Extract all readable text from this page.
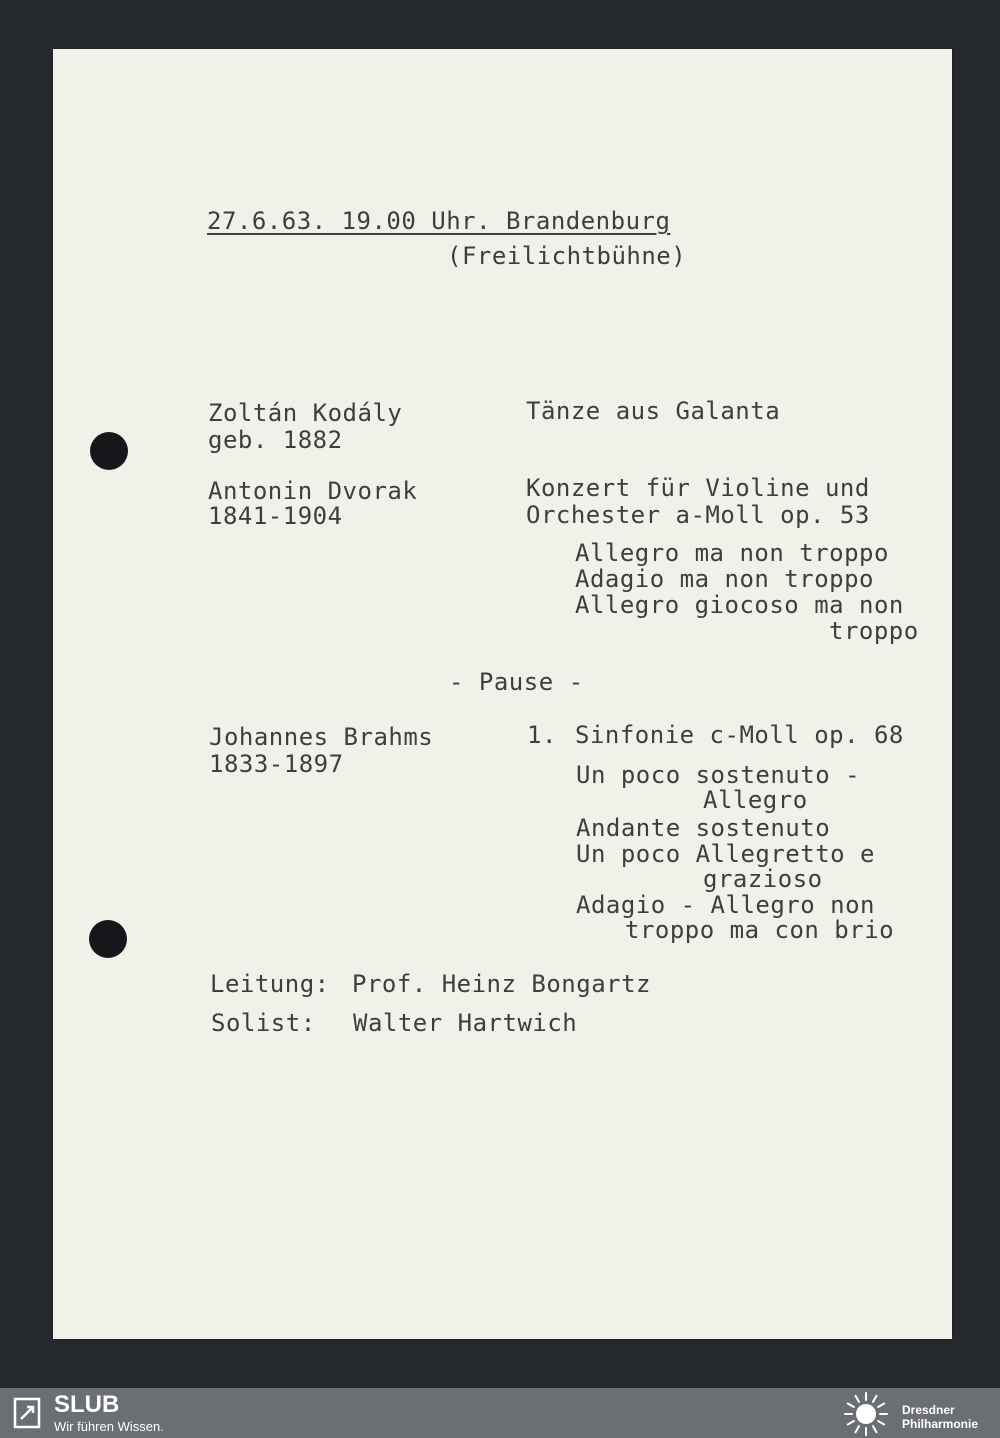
27.6.63. 19.00 Uhr. Brandenburg
(Freilichtbühne)
Zoltán Kodály
geb. 1882
Tänze aus Galanta
Antonin Dvorak
1841-1904
Konzert für Violine und
Orchester a-Moll op. 53
Allegro ma non troppo
Adagio ma non troppo
Allegro giocoso ma non
troppo
- Pause -
Johannes Brahms
1833-1897
1. Sinfonie c-Moll op. 68
Un poco sostenuto -
Allegro
Andante sostenuto
Un poco Allegretto e
grazioso
Adagio - Allegro non
troppo ma con brio
Leitung: Prof. Heinz Bongartz
Solist: Walter Hartwich
SLUB
Wir führen Wissen.
Dresdner
Philharmonie
